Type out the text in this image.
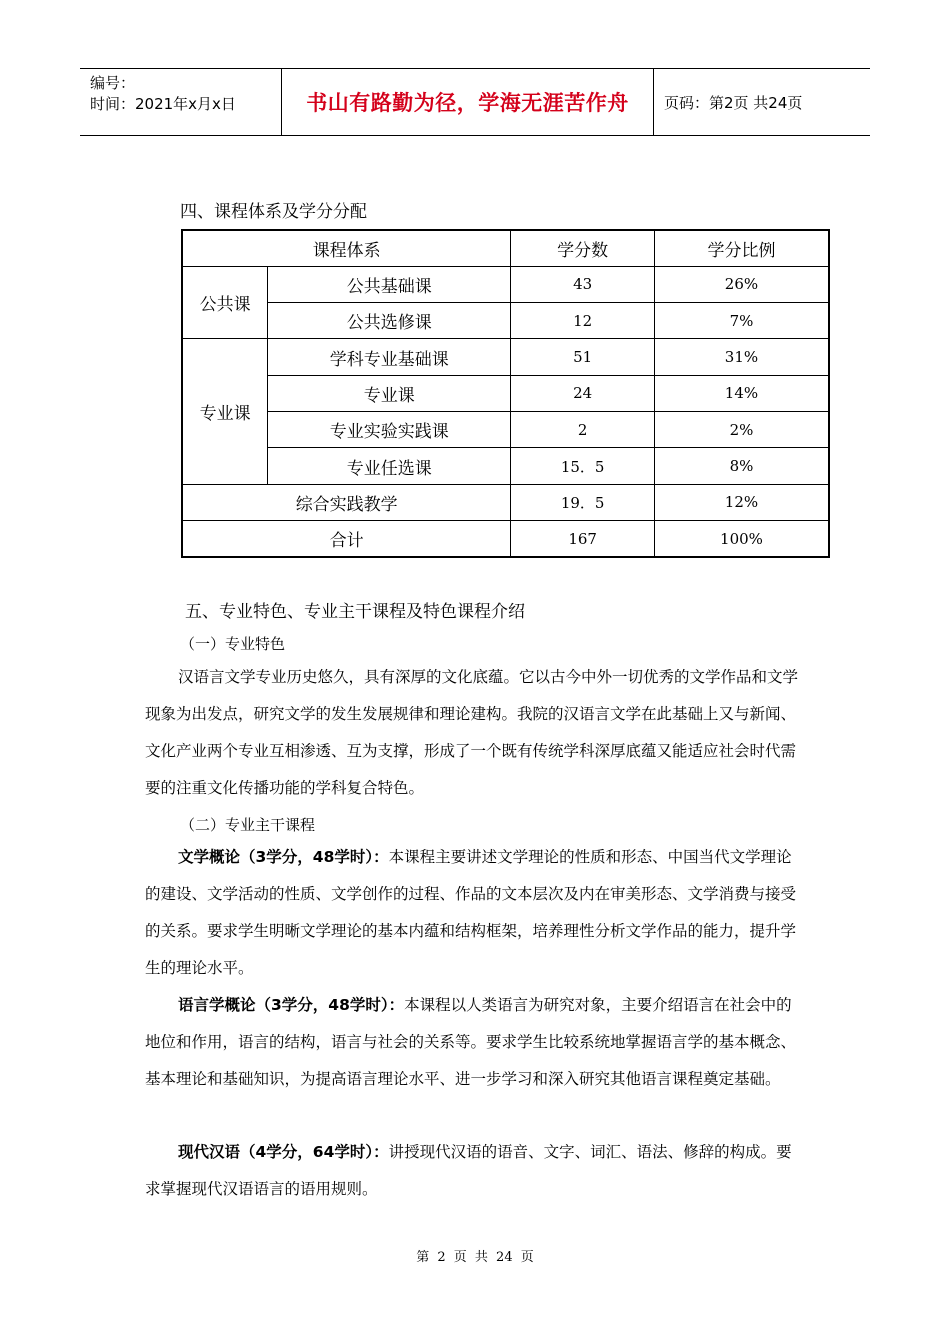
编号：
时间：2021年x月x日	书山有路勤为径，学海无涯苦作舟	页码：第2页 共24页
四、课程体系及学分分配
课程体系		学分数	学分比例
公共课	公共基础课	43	26%
	公共选修课	12	7%
专业课	学科专业基础课	51	31%
	专业课	24	14%
	专业实验实践课	2	2%
	专业任选课	15．5	8%
综合实践教学		19．5	12%
合计		167	100%
五、专业特色、专业主干课程及特色课程介绍
（一）专业特色

汉语言文学专业历史悠久，具有深厚的文化底蕴。它以古今中外一切优秀的文学作品和文学现象为出发点，研究文学的发生发展规律和理论建构。我院的汉语言文学在此基础上又与新闻、文化产业两个专业互相渗透、互为支撑，形成了一个既有传统学科深厚底蕴又能适应社会时代需要的注重文化传播功能的学科复合特色。

（二）专业主干课程

文学概论（3学分，48学时）：本课程主要讲述文学理论的性质和形态、中国当代文学理论的建设、文学活动的性质、文学创作的过程、作品的文本层次及内在审美形态、文学消费与接受的关系。要求学生明晰文学理论的基本内蕴和结构框架，培养理性分析文学作品的能力，提升学生的理论水平。

语言学概论（3学分，48学时）：本课程以人类语言为研究对象，主要介绍语言在社会中的地位和作用，语言的结构，语言与社会的关系等。要求学生比较系统地掌握语言学的基本概念、基本理论和基础知识，为提高语言理论水平、进一步学习和深入研究其他语言课程奠定基础。

现代汉语（4学分，64学时）：讲授现代汉语的语音、文字、词汇、语法、修辞的构成。要求掌握现代汉语语言的语用规则。

第 2 页 共 24 页
